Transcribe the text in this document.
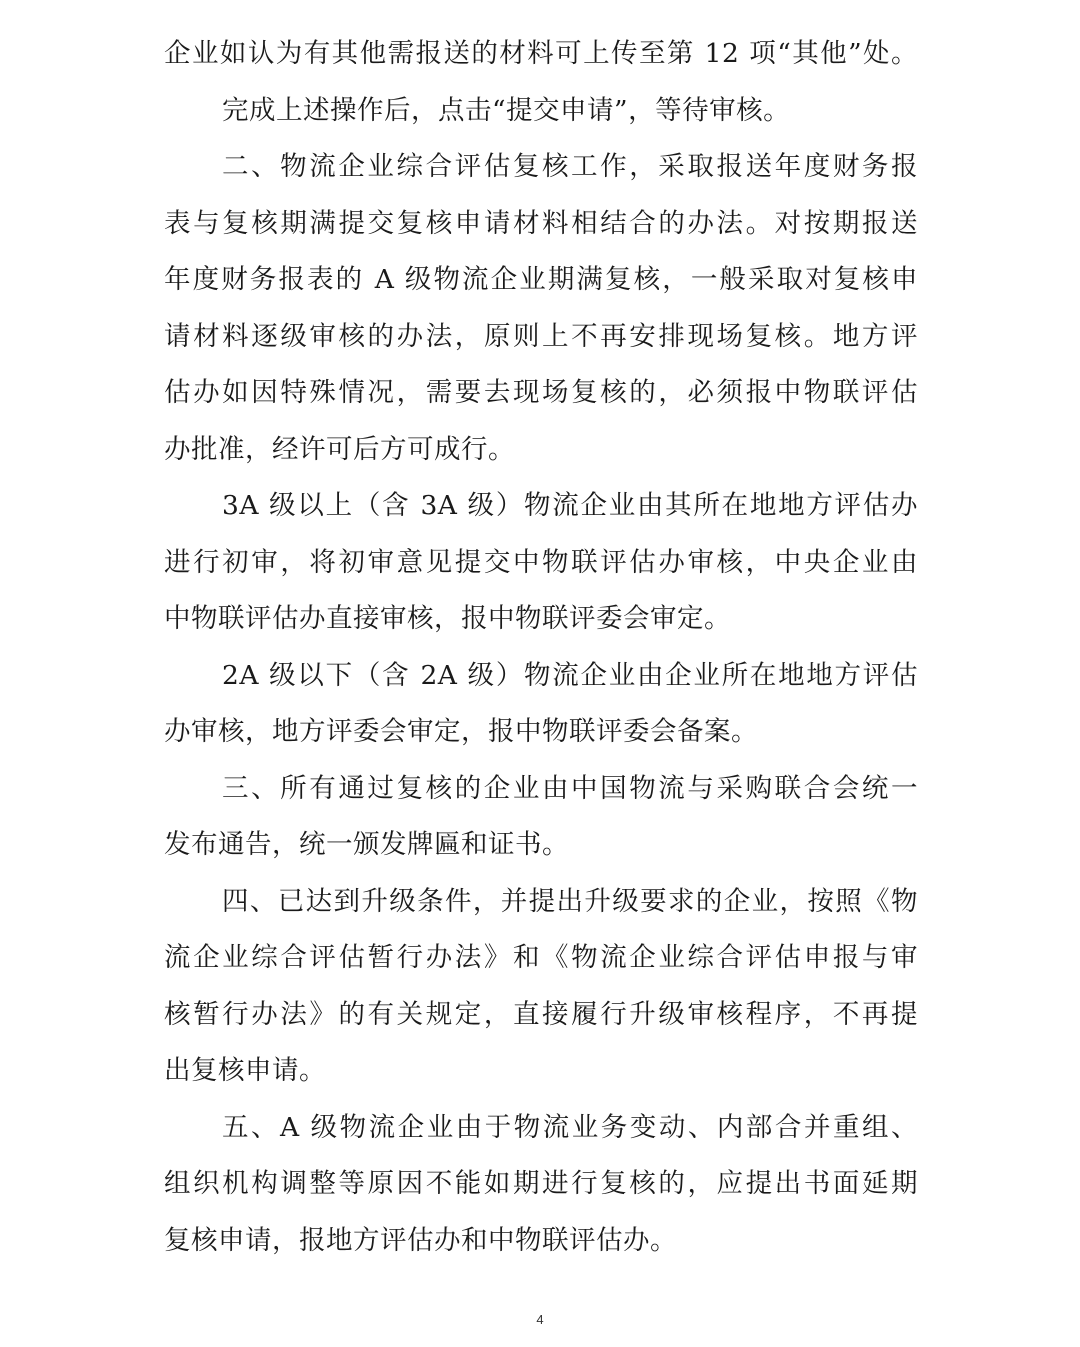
企业如认为有其他需报送的材料可上传至第 12 项“其他”处。
完成上述操作后，点击“提交申请”，等待审核。
二、物流企业综合评估复核工作，采取报送年度财务报
表与复核期满提交复核申请材料相结合的办法。对按期报送
年度财务报表的 A 级物流企业期满复核，一般采取对复核申
请材料逐级审核的办法，原则上不再安排现场复核。地方评
估办如因特殊情况，需要去现场复核的，必须报中物联评估
办批准，经许可后方可成行。
3A 级以上（含 3A 级）物流企业由其所在地地方评估办
进行初审，将初审意见提交中物联评估办审核，中央企业由
中物联评估办直接审核，报中物联评委会审定。
2A 级以下（含 2A 级）物流企业由企业所在地地方评估
办审核，地方评委会审定，报中物联评委会备案。
三、所有通过复核的企业由中国物流与采购联合会统一
发布通告，统一颁发牌匾和证书。
四、已达到升级条件，并提出升级要求的企业，按照《物
流企业综合评估暂行办法》和《物流企业综合评估申报与审
核暂行办法》的有关规定，直接履行升级审核程序，不再提
出复核申请。
五、A 级物流企业由于物流业务变动、内部合并重组、
组织机构调整等原因不能如期进行复核的，应提出书面延期
复核申请，报地方评估办和中物联评估办。
4
